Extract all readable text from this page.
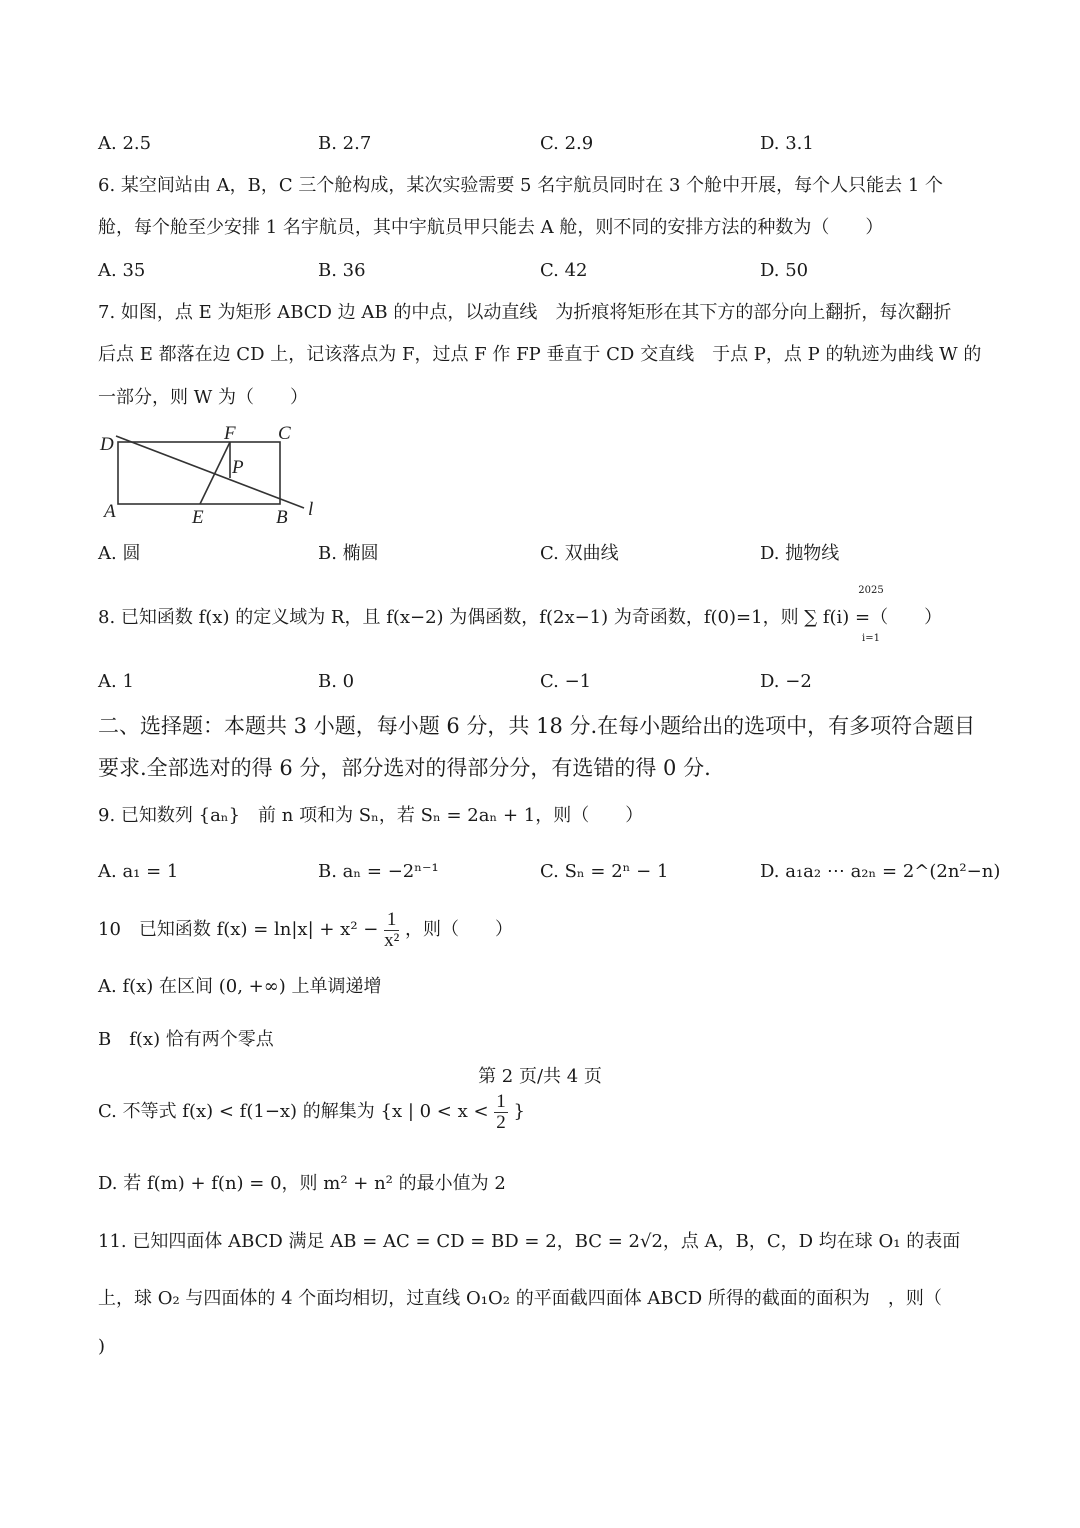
A. 2.5	B. 2.7	C. 2.9	D. 3.1
6. 某空间站由 A，B，C 三个舱构成，某次实验需要 5 名宇航员同时在 3 个舱中开展，每个人只能去 1 个
舱，每个舱至少安排 1 名宇航员，其中宇航员甲只能去 A 舱，则不同的安排方法的种数为（　　）
A. 35	B. 36	C. 42	D. 50
7. 如图，点 E 为矩形 ABCD 边 AB 的中点，以动直线　为折痕将矩形在其下方的部分向上翻折，每次翻折
后点 E 都落在边 CD 上，记该落点为 F，过点 F 作 FP 垂直于 CD 交直线　于点 P，点 P 的轨迹为曲线 W 的
一部分，则 W 为（　　）
D
F C
P
A	E	B l
A. 圆	B. 椭圆	C. 双曲线	D. 抛物线
8. 已知函数 f(x) 的定义域为 R，且 f(x−2) 为偶函数，f(2x−1) 为奇函数，f(0)=1，则 ∑ f(i) =（　　）
2025
i=1
A. 1	B. 0	C. −1	D. −2
二、选择题：本题共 3 小题，每小题 6 分，共 18 分.在每小题给出的选项中，有多项符合题目
要求.全部选对的得 6 分，部分选对的得部分分，有选错的得 0 分.
9. 已知数列 {aₙ}　前 n 项和为 Sₙ，若 Sₙ = 2aₙ + 1，则（　　）
A. a₁ = 1	B. aₙ = −2ⁿ⁻¹	C. Sₙ = 2ⁿ − 1	D. a₁a₂ ⋯ a₂ₙ = 2^(2n²−n)
10　已知函数 $f(x) = \ln|x| + x^2 - \frac{1}{\text{x²}}$ ，则（　　）
A. f(x) 在区间 (0, +∞) 上单调递增
B　f(x) 恰有两个零点
C. 不等式 f(x) < f(1−x) 的解集为 {x | $0 < x < \frac{1}{2}$ }
D. 若 f(m) + f(n) = 0，则 m² + n² 的最小值为 2
11. 已知四面体 ABCD 满足 AB = AC = CD = BD = 2，BC = 2√2，点 A，B，C，D 均在球 O₁ 的表面
上，球 O₂ 与四面体的 4 个面均相切，过直线 O₁O₂ 的平面截四面体 ABCD 所得的截面的面积为　，则（
)
第 2 页/共 4 页
